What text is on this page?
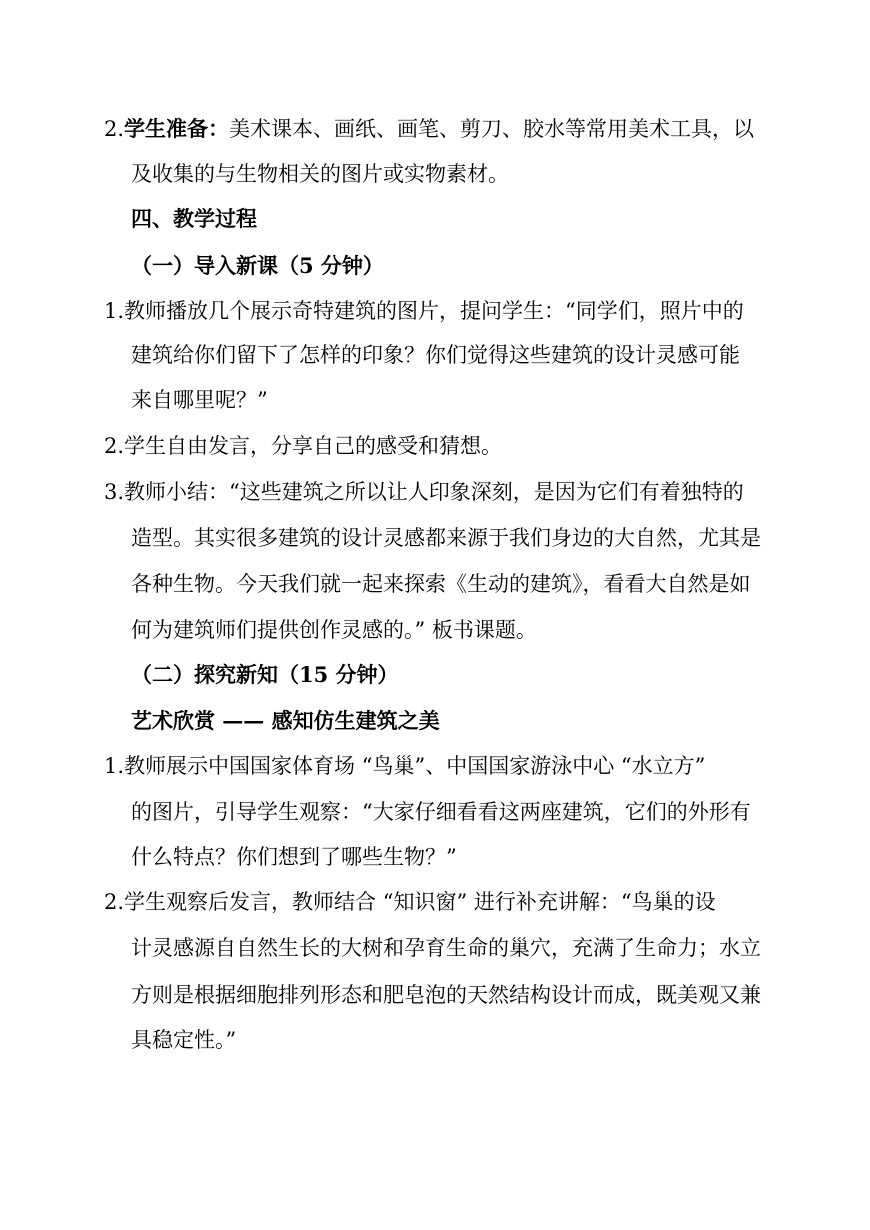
2.学生准备：美术课本、画纸、画笔、剪刀、胶水等常用美术工具，以
及收集的与生物相关的图片或实物素材。
四、教学过程
（一）导入新课（5 分钟）
1.教师播放几个展示奇特建筑的图片，提问学生：“同学们，照片中的
建筑给你们留下了怎样的印象？你们觉得这些建筑的设计灵感可能
来自哪里呢？”
2.学生自由发言，分享自己的感受和猜想。
3.教师小结：“这些建筑之所以让人印象深刻，是因为它们有着独特的
造型。其实很多建筑的设计灵感都来源于我们身边的大自然，尤其是
各种生物。今天我们就一起来探索《生动的建筑》，看看大自然是如
何为建筑师们提供创作灵感的。” 板书课题。
（二）探究新知（15 分钟）
艺术欣赏 —— 感知仿生建筑之美
1.教师展示中国国家体育场 “鸟巢”、中国国家游泳中心 “水立方”
的图片，引导学生观察：“大家仔细看看这两座建筑，它们的外形有
什么特点？你们想到了哪些生物？”
2.学生观察后发言，教师结合 “知识窗” 进行补充讲解：“鸟巢的设
计灵感源自自然生长的大树和孕育生命的巢穴，充满了生命力；水立
方则是根据细胞排列形态和肥皂泡的天然结构设计而成，既美观又兼
具稳定性。”
